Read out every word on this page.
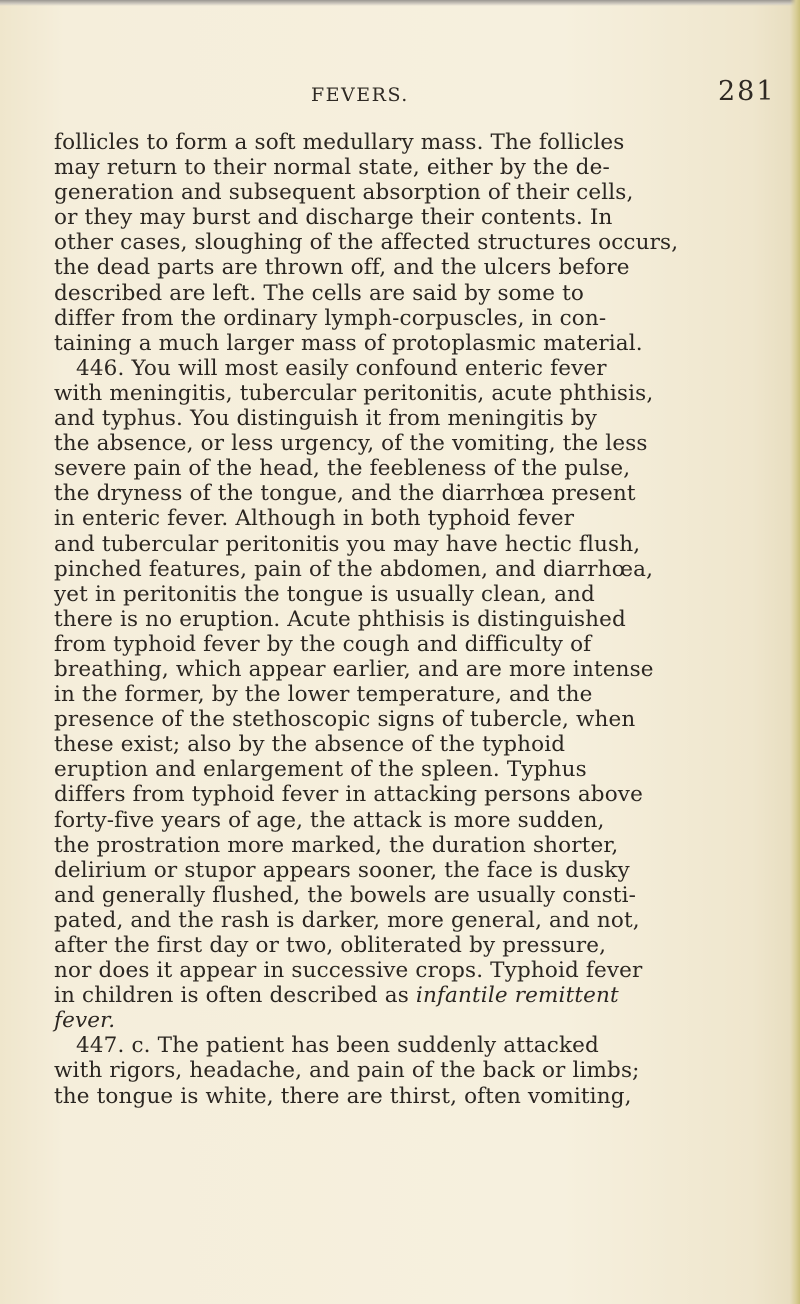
FEVERS.	281
follicles to form a soft medullary mass. The follicles
may return to their normal state, either by the de-
generation and subsequent absorption of their cells,
or they may burst and discharge their contents. In
other cases, sloughing of the affected structures occurs,
the dead parts are thrown off, and the ulcers before
described are left. The cells are said by some to
differ from the ordinary lymph-corpuscles, in con-
taining a much larger mass of protoplasmic material.
446. You will most easily confound enteric fever
with meningitis, tubercular peritonitis, acute phthisis,
and typhus. You distinguish it from meningitis by
the absence, or less urgency, of the vomiting, the less
severe pain of the head, the feebleness of the pulse,
the dryness of the tongue, and the diarrhœa present
in enteric fever. Although in both typhoid fever
and tubercular peritonitis you may have hectic flush,
pinched features, pain of the abdomen, and diarrhœa,
yet in peritonitis the tongue is usually clean, and
there is no eruption. Acute phthisis is distinguished
from typhoid fever by the cough and difficulty of
breathing, which appear earlier, and are more intense
in the former, by the lower temperature, and the
presence of the stethoscopic signs of tubercle, when
these exist; also by the absence of the typhoid
eruption and enlargement of the spleen. Typhus
differs from typhoid fever in attacking persons above
forty-five years of age, the attack is more sudden,
the prostration more marked, the duration shorter,
delirium or stupor appears sooner, the face is dusky
and generally flushed, the bowels are usually consti-
pated, and the rash is darker, more general, and not,
after the first day or two, obliterated by pressure,
nor does it appear in successive crops. Typhoid fever
in children is often described as infantile remittent
fever.
447. c. The patient has been suddenly attacked
with rigors, headache, and pain of the back or limbs;
the tongue is white, there are thirst, often vomiting,
